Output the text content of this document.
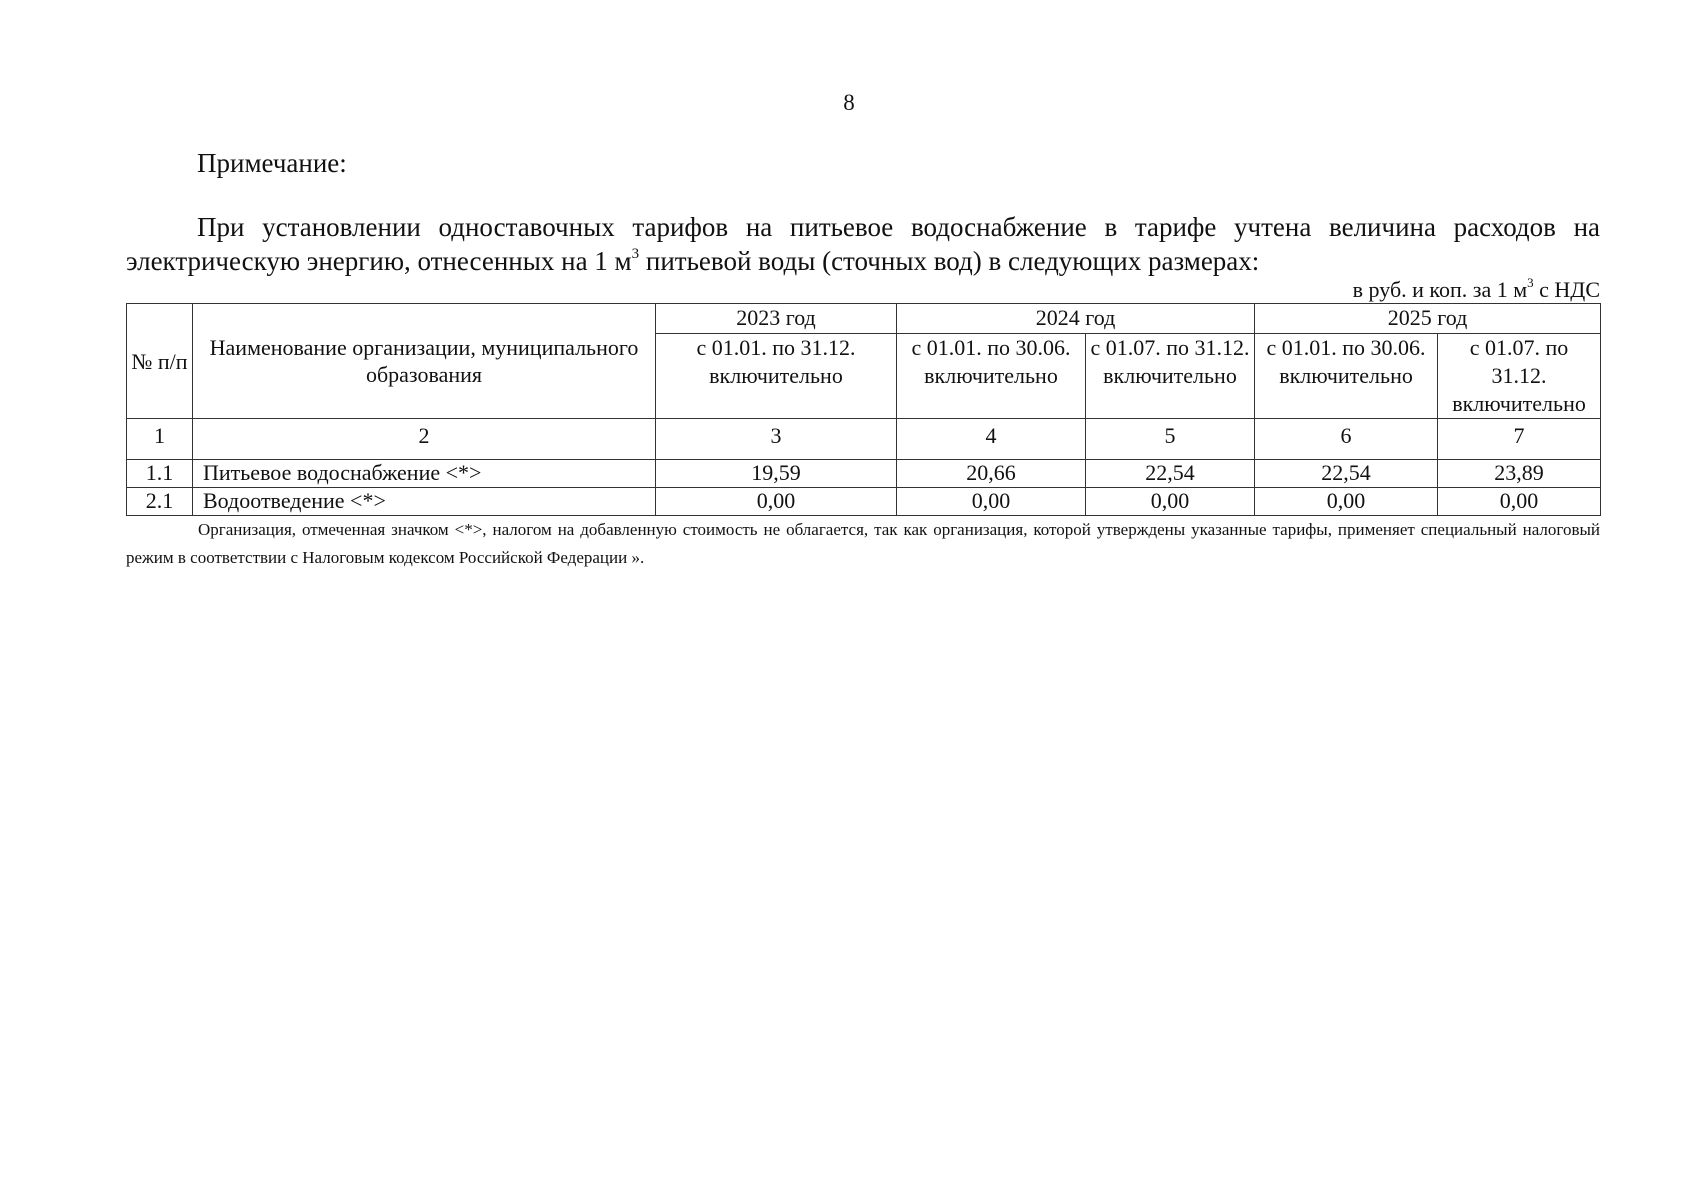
8
Примечание:
При установлении одноставочных тарифов на питьевое водоснабжение в тарифе учтена величина расходов на электрическую энергию, отнесенных на 1 $м^3$ питьевой воды (сточных вод) в следующих размерах:
в руб. и коп. за 1 $м^3$ с НДС
№ п/п	Наименование организации, муниципального образования	2023 год	2024 год		2025 год	
		с 01.01. по 31.12. включительно	с 01.01. по 30.06. включительно	с 01.07. по 31.12. включительно	с 01.01. по 30.06. включительно	с 01.07. по 31.12. включительно
1	2	3	4	5	6	7
1.1	Питьевое водоснабжение <*>	19,59	20,66	22,54	22,54	23,89
2.1	Водоотведение <*>	0,00	0,00	0,00	0,00	0,00
Организация, отмеченная значком <*>, налогом на добавленную стоимость не облагается, так как организация, которой утверждены указанные тарифы, применяет специальный налоговый режим в соответствии с Налоговым кодексом Российской Федерации ».
